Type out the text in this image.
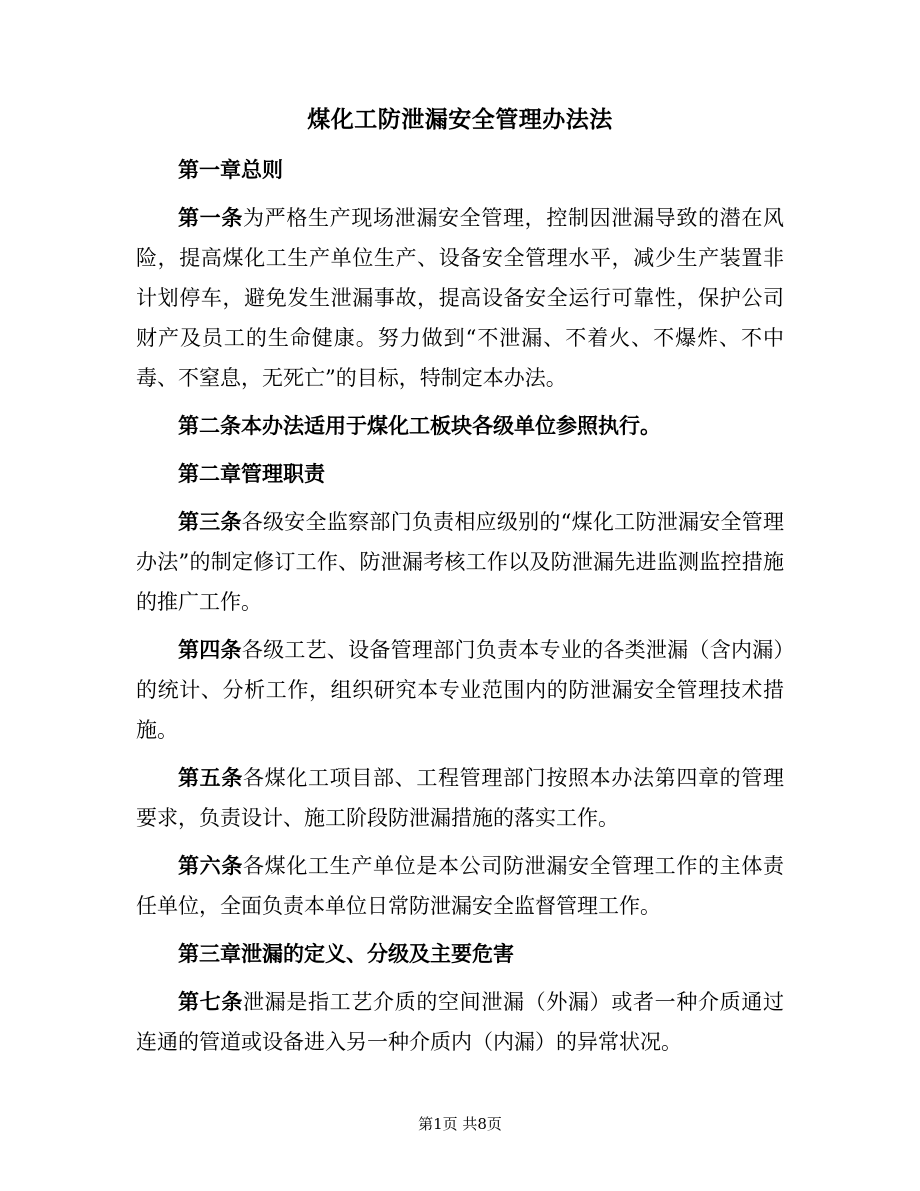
煤化工防泄漏安全管理办法法

第一章总则

第一条为严格生产现场泄漏安全管理，控制因泄漏导致的潜在风险，提高煤化工生产单位生产、设备安全管理水平，减少生产装置非计划停车，避免发生泄漏事故，提高设备安全运行可靠性，保护公司财产及员工的生命健康。努力做到“不泄漏、不着火、不爆炸、不中毒、不窒息，无死亡”的目标，特制定本办法。

第二条本办法适用于煤化工板块各级单位参照执行。

第二章管理职责

第三条各级安全监察部门负责相应级别的“煤化工防泄漏安全管理办法”的制定修订工作、防泄漏考核工作以及防泄漏先进监测监控措施的推广工作。

第四条各级工艺、设备管理部门负责本专业的各类泄漏（含内漏）的统计、分析工作，组织研究本专业范围内的防泄漏安全管理技术措施。

第五条各煤化工项目部、工程管理部门按照本办法第四章的管理要求，负责设计、施工阶段防泄漏措施的落实工作。

第六条各煤化工生产单位是本公司防泄漏安全管理工作的主体责任单位，全面负责本单位日常防泄漏安全监督管理工作。

第三章泄漏的定义、分级及主要危害

第七条泄漏是指工艺介质的空间泄漏（外漏）或者一种介质通过连通的管道或设备进入另一种介质内（内漏）的异常状况。

第1页 共8页
